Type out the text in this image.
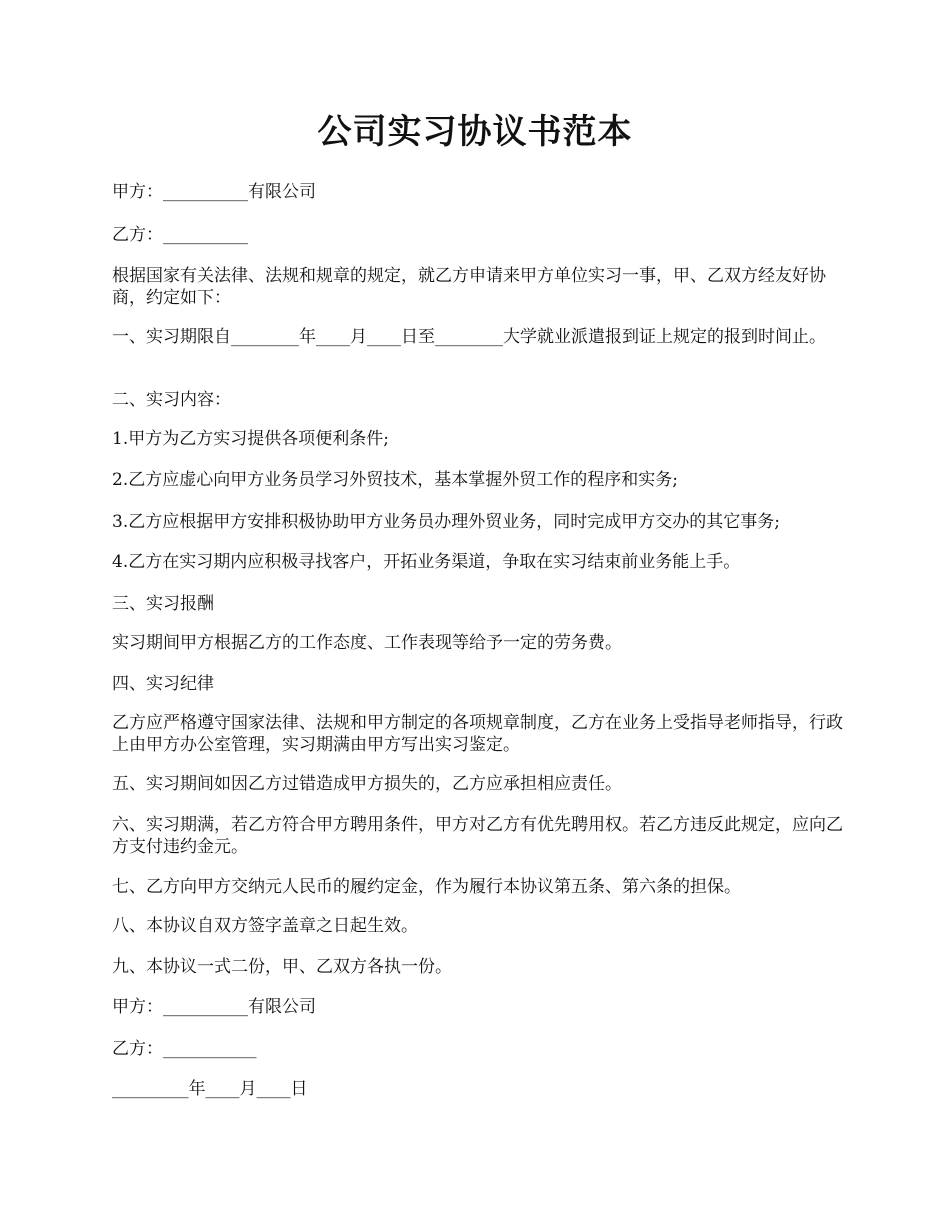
公司实习协议书范本

甲方：__________有限公司

乙方：__________

根据国家有关法律、法规和规章的规定，就乙方申请来甲方单位实习一事，甲、乙双方经友好协商，约定如下：

一、实习期限自________年____月____日至________大学就业派遣报到证上规定的报到时间止。

二、实习内容：

1.甲方为乙方实习提供各项便利条件;

2.乙方应虚心向甲方业务员学习外贸技术，基本掌握外贸工作的程序和实务;

3.乙方应根据甲方安排积极协助甲方业务员办理外贸业务，同时完成甲方交办的其它事务;

4.乙方在实习期内应积极寻找客户，开拓业务渠道，争取在实习结束前业务能上手。

三、实习报酬

实习期间甲方根据乙方的工作态度、工作表现等给予一定的劳务费。

四、实习纪律

乙方应严格遵守国家法律、法规和甲方制定的各项规章制度，乙方在业务上受指导老师指导，行政上由甲方办公室管理，实习期满由甲方写出实习鉴定。

五、实习期间如因乙方过错造成甲方损失的，乙方应承担相应责任。

六、实习期满，若乙方符合甲方聘用条件，甲方对乙方有优先聘用权。若乙方违反此规定，应向乙方支付违约金元。

七、乙方向甲方交纳元人民币的履约定金，作为履行本协议第五条、第六条的担保。

八、本协议自双方签字盖章之日起生效。

九、本协议一式二份，甲、乙双方各执一份。

甲方：__________有限公司

乙方：___________

_________年____月____日
